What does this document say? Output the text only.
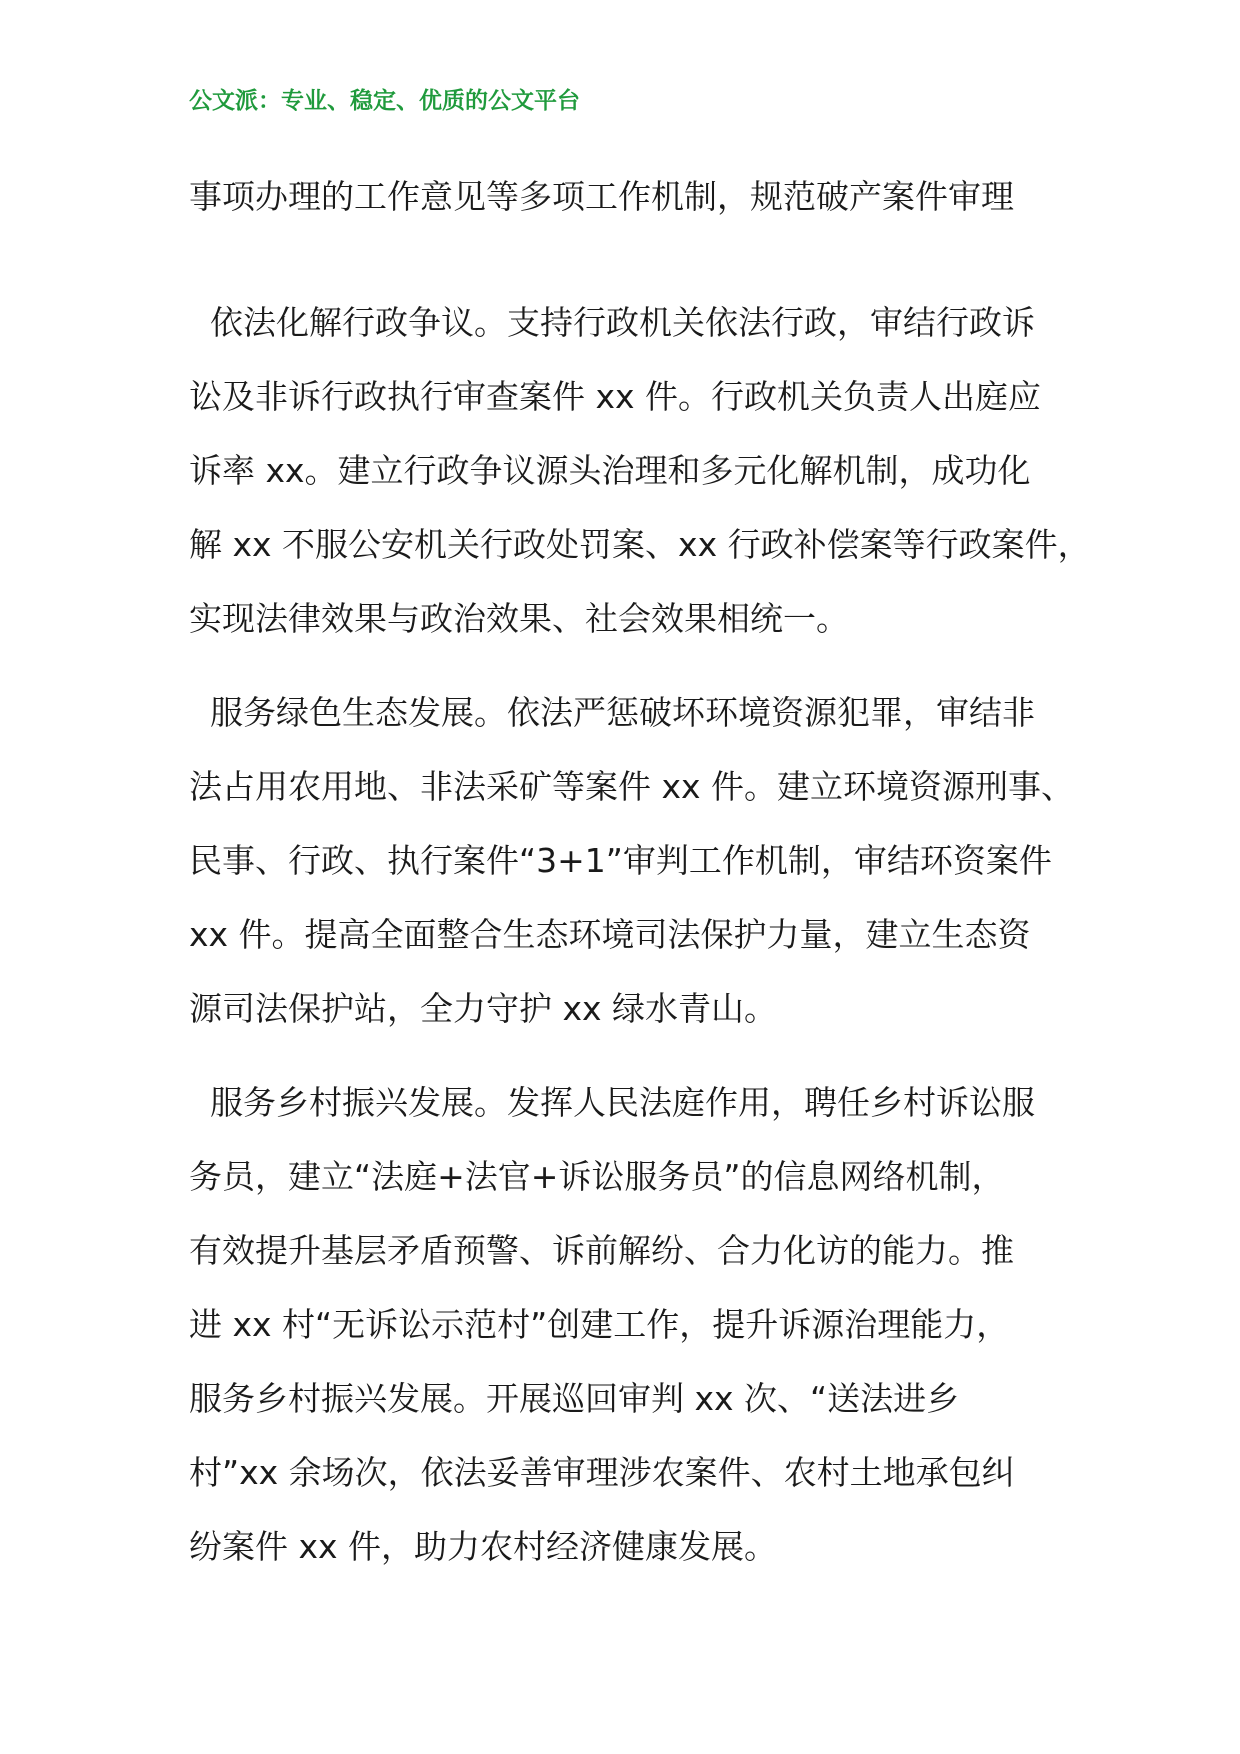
公文派：专业、稳定、优质的公文平台
事项办理的工作意见等多项工作机制，规范破产案件审理
依法化解行政争议。支持行政机关依法行政，审结行政诉
讼及非诉行政执行审查案件 xx 件。行政机关负责人出庭应
诉率 xx。建立行政争议源头治理和多元化解机制，成功化
解 xx 不服公安机关行政处罚案、xx 行政补偿案等行政案件，
实现法律效果与政治效果、社会效果相统一。
服务绿色生态发展。依法严惩破坏环境资源犯罪，审结非
法占用农用地、非法采矿等案件 xx 件。建立环境资源刑事、
民事、行政、执行案件“3+1”审判工作机制，审结环资案件
xx 件。提高全面整合生态环境司法保护力量，建立生态资
源司法保护站，全力守护 xx 绿水青山。
服务乡村振兴发展。发挥人民法庭作用，聘任乡村诉讼服
务员，建立“法庭+法官+诉讼服务员”的信息网络机制，
有效提升基层矛盾预警、诉前解纷、合力化访的能力。推
进 xx 村“无诉讼示范村”创建工作，提升诉源治理能力，
服务乡村振兴发展。开展巡回审判 xx 次、“送法进乡
村”xx 余场次，依法妥善审理涉农案件、农村土地承包纠
纷案件 xx 件，助力农村经济健康发展。
